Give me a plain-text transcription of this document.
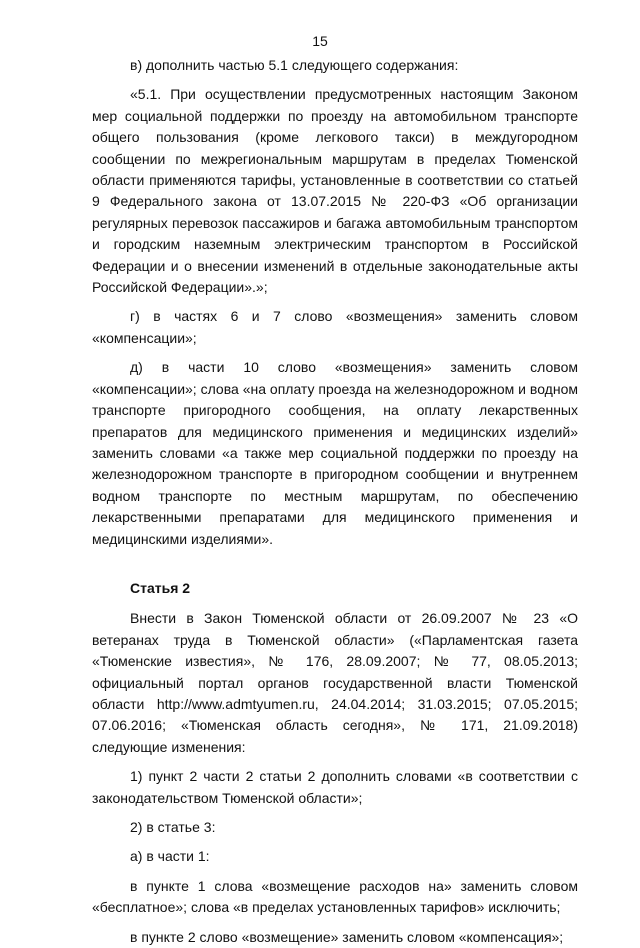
15

в) дополнить частью 5.1 следующего содержания:

«5.1. При осуществлении предусмотренных настоящим Законом мер социальной поддержки по проезду на автомобильном транспорте общего пользования (кроме легкового такси) в междугородном сообщении по межрегиональным маршрутам в пределах Тюменской области применяются тарифы, установленные в соответствии со статьей 9 Федерального закона от 13.07.2015 № 220-ФЗ «Об организации регулярных перевозок пассажиров и багажа автомобильным транспортом и городским наземным электрическим транспортом в Российской Федерации и о внесении изменений в отдельные законодательные акты Российской Федерации».»;

г) в частях 6 и 7 слово «возмещения» заменить словом «компенсации»;

д) в части 10 слово «возмещения» заменить словом «компенсации»; слова «на оплату проезда на железнодорожном и водном транспорте пригородного сообщения, на оплату лекарственных препаратов для медицинского применения и медицинских изделий» заменить словами «а также мер социальной поддержки по проезду на железнодорожном транспорте в пригородном сообщении и внутреннем водном транспорте по местным маршрутам, по обеспечению лекарственными препаратами для медицинского применения и медицинскими изделиями».

Статья 2

Внести в Закон Тюменской области от 26.09.2007 № 23 «О ветеранах труда в Тюменской области» («Парламентская газета «Тюменские известия», № 176, 28.09.2007; № 77, 08.05.2013; официальный портал органов государственной власти Тюменской области http://www.admtyumen.ru, 24.04.2014; 31.03.2015; 07.05.2015; 07.06.2016; «Тюменская область сегодня», № 171, 21.09.2018) следующие изменения:

1) пункт 2 части 2 статьи 2 дополнить словами «в соответствии с законодательством Тюменской области»;

2) в статье 3:

а) в части 1:

в пункте 1 слова «возмещение расходов на» заменить словом «бесплатное»; слова «в пределах установленных тарифов» исключить;

в пункте 2 слово «возмещение» заменить словом «компенсация»;
